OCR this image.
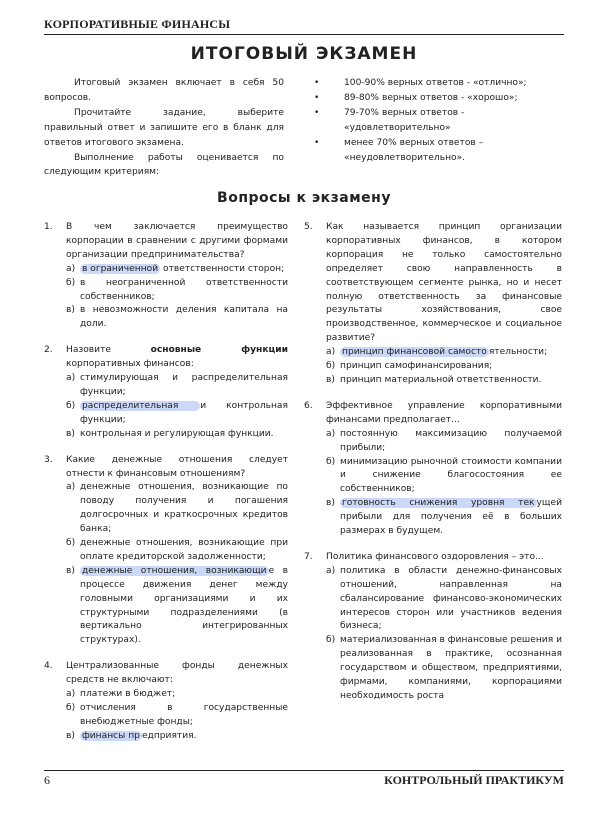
КОРПОРАТИВНЫЕ ФИНАНСЫ
ИТОГОВЫЙ ЭКЗАМЕН

Итоговый экзамен включает в себя 50 вопросов.

Прочитайте задание, выберите правильный ответ и запишите его в бланк для ответов итогового экзамена.

Выполнение работы оценивается по следующим критериям:

• 100-90% верных ответов - «отлично»;
• 89-80% верных ответов - «хорошо»;
• 79-70% верных ответов - «удовлетворительно»
• менее 70% верных ответов – «неудовлетворительно».
Вопросы к экзамену
1.	В чем заключается преимущество корпорации в сравнении с другими формами организации предпринимательства?
а) в ограниченной ответственности сторон;
б) в неограниченной ответственности собственников;
в) в невозможности деления капитала на доли.
2.	Назовите основные функции корпоративных финансов:
а) стимулирующая и распределительная функции;
б) распределительная и контрольная функции;
в) контрольная и регулирующая функции.
3.	Какие денежные отношения следует отнести к финансовым отношениям?
а) денежные отношения, возникающие по поводу получения и погашения долгосрочных и краткосрочных кредитов банка;
б) денежные отношения, возникающие при оплате кредиторской задолженности;
в) денежные отношения, возникающи е в процессе движения денег между головными организациями и их структурными подразделениями (в вертикально интегрированных структурах).
4.	Централизованные фонды денежных средств не включают:
а) платежи в бюджет;
б) отчисления в государственные внебюджетные фонды;
в) финансы пр едприятия.
5.	Как называется принцип организации корпоративных финансов, в котором корпорация не только самостоятельно определяет свою направленность в соответствующем сегменте рынка, но и несет полную ответственность за финансовые результаты хозяйствования, свое производственное, коммерческое и социальное развитие?
а) принцип финансовой самосто ятельности;
б) принцип самофинансирования;
в) принцип материальной ответственности.
6.	Эффективное управление корпоративными финансами предполагает...
а) постоянную максимизацию получаемой прибыли;
б) минимизацию рыночной стоимости компании и снижение благосостояния ее собственников;
в) готовность снижения уровня тек ущей прибыли для получения её в больших размерах в будущем.
7.	Политика финансового оздоровления – это...
а) политика в области денежно-финансовых отношений, направленная на сбалансирование финансово-экономических интересов сторон или участников ведения бизнеса;
б) материализованная в финансовые решения и реализованная в практике, осознанная государством и обществом, предприятиями, фирмами, компаниями, корпорациями необходимость роста
6	КОНТРОЛЬНЫЙ ПРАКТИКУМ
